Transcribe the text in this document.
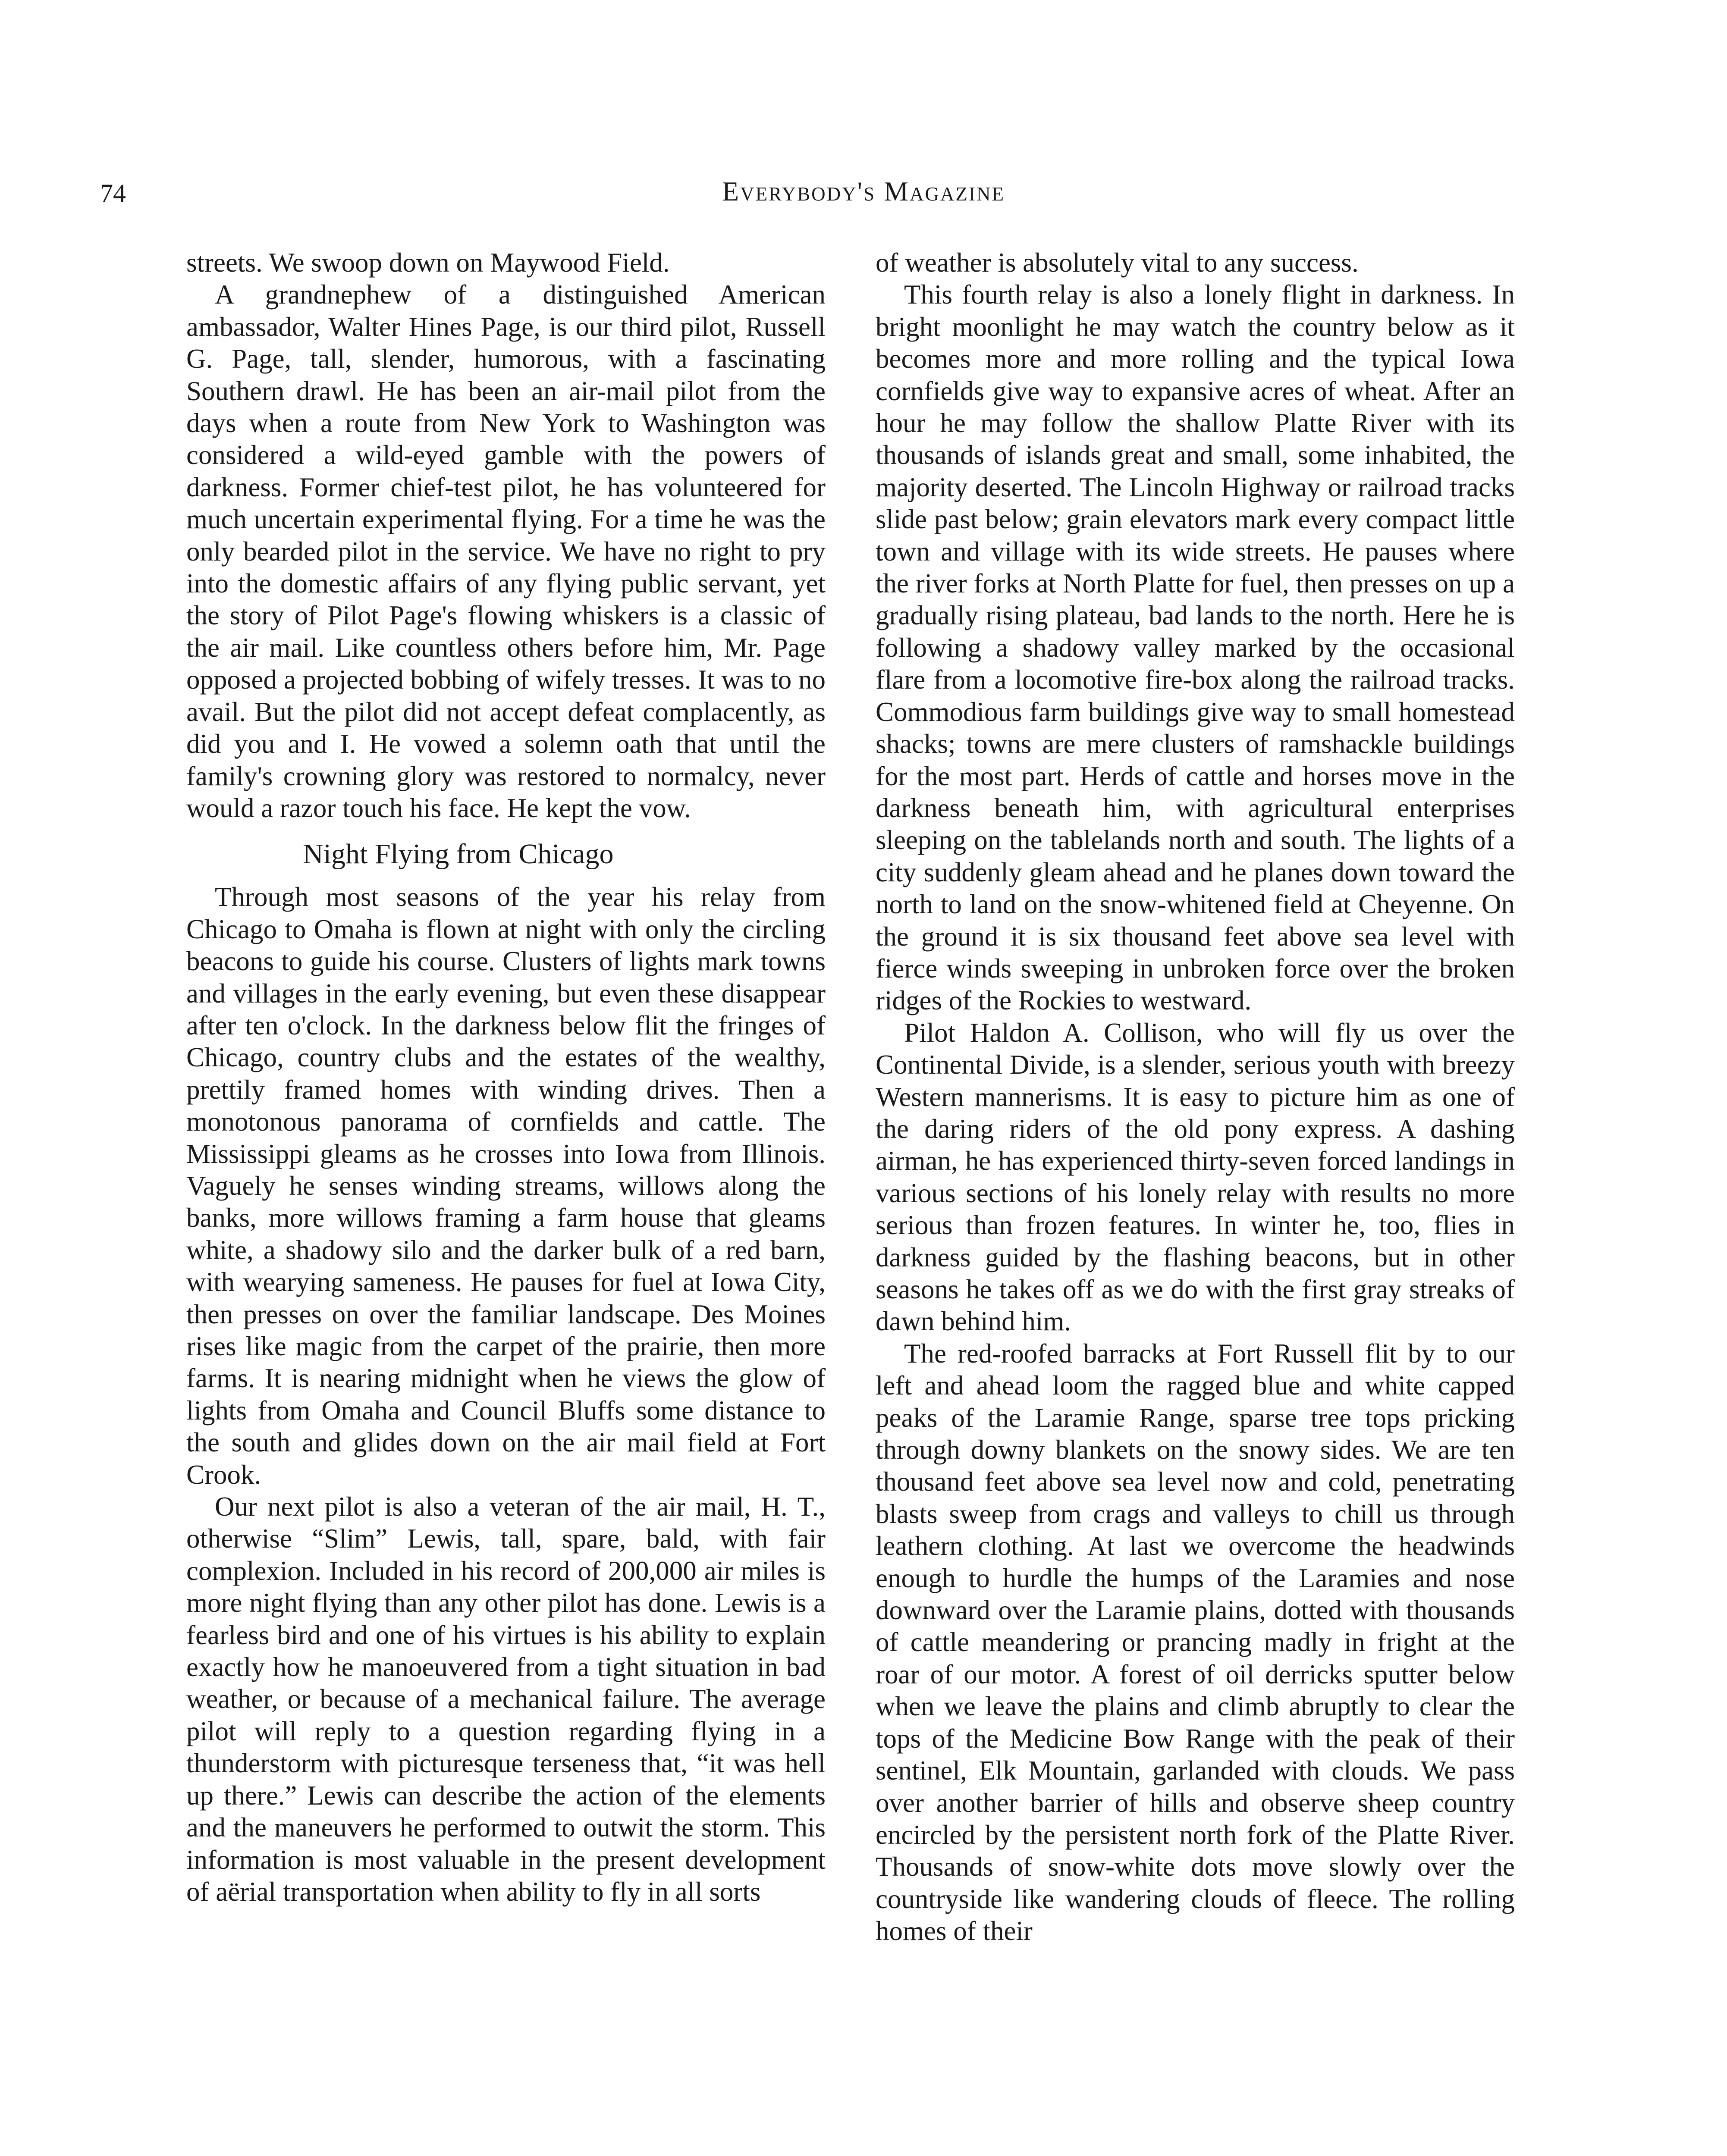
74	Everybody's Magazine

streets. We swoop down on Maywood Field.

A grandnephew of a distinguished American ambassador, Walter Hines Page, is our third pilot, Russell G. Page, tall, slender, humorous, with a fascinating Southern drawl. He has been an air-mail pilot from the days when a route from New York to Washington was considered a wild-eyed gamble with the powers of darkness. Former chief-test pilot, he has volunteered for much uncertain experimental flying. For a time he was the only bearded pilot in the service. We have no right to pry into the domestic affairs of any flying public servant, yet the story of Pilot Page's flowing whiskers is a classic of the air mail. Like countless others before him, Mr. Page opposed a projected bobbing of wifely tresses. It was to no avail. But the pilot did not accept defeat complacently, as did you and I. He vowed a solemn oath that until the family's crowning glory was restored to normalcy, never would a razor touch his face. He kept the vow.

Night Flying from Chicago

Through most seasons of the year his relay from Chicago to Omaha is flown at night with only the circling beacons to guide his course. Clusters of lights mark towns and villages in the early evening, but even these disappear after ten o'clock. In the darkness below flit the fringes of Chicago, country clubs and the estates of the wealthy, prettily framed homes with winding drives. Then a monotonous panorama of cornfields and cattle. The Mississippi gleams as he crosses into Iowa from Illinois. Vaguely he senses winding streams, willows along the banks, more willows framing a farm house that gleams white, a shadowy silo and the darker bulk of a red barn, with wearying sameness. He pauses for fuel at Iowa City, then presses on over the familiar landscape. Des Moines rises like magic from the carpet of the prairie, then more farms. It is nearing midnight when he views the glow of lights from Omaha and Council Bluffs some distance to the south and glides down on the air mail field at Fort Crook.

Our next pilot is also a veteran of the air mail, H. T., otherwise “Slim” Lewis, tall, spare, bald, with fair complexion. Included in his record of 200,000 air miles is more night flying than any other pilot has done. Lewis is a fearless bird and one of his virtues is his ability to explain exactly how he manoeuvered from a tight situation in bad weather, or because of a mechanical failure. The average pilot will reply to a question regarding flying in a thunderstorm with picturesque terseness that, “it was hell up there.” Lewis can describe the action of the elements and the maneuvers he performed to outwit the storm. This information is most valuable in the present development of aërial transportation when ability to fly in all sorts

of weather is absolutely vital to any success.

This fourth relay is also a lonely flight in darkness. In bright moonlight he may watch the country below as it becomes more and more rolling and the typical Iowa cornfields give way to expansive acres of wheat. After an hour he may follow the shallow Platte River with its thousands of islands great and small, some inhabited, the majority deserted. The Lincoln Highway or railroad tracks slide past below; grain elevators mark every compact little town and village with its wide streets. He pauses where the river forks at North Platte for fuel, then presses on up a gradually rising plateau, bad lands to the north. Here he is following a shadowy valley marked by the occasional flare from a locomotive fire-box along the railroad tracks. Commodious farm buildings give way to small homestead shacks; towns are mere clusters of ramshackle buildings for the most part. Herds of cattle and horses move in the darkness beneath him, with agricultural enterprises sleeping on the tablelands north and south. The lights of a city suddenly gleam ahead and he planes down toward the north to land on the snow-whitened field at Cheyenne. On the ground it is six thousand feet above sea level with fierce winds sweeping in unbroken force over the broken ridges of the Rockies to westward.

Pilot Haldon A. Collison, who will fly us over the Continental Divide, is a slender, serious youth with breezy Western mannerisms. It is easy to picture him as one of the daring riders of the old pony express. A dashing airman, he has experienced thirty-seven forced landings in various sections of his lonely relay with results no more serious than frozen features. In winter he, too, flies in darkness guided by the flashing beacons, but in other seasons he takes off as we do with the first gray streaks of dawn behind him.

The red-roofed barracks at Fort Russell flit by to our left and ahead loom the ragged blue and white capped peaks of the Laramie Range, sparse tree tops pricking through downy blankets on the snowy sides. We are ten thousand feet above sea level now and cold, penetrating blasts sweep from crags and valleys to chill us through leathern clothing. At last we overcome the headwinds enough to hurdle the humps of the Laramies and nose downward over the Laramie plains, dotted with thousands of cattle meandering or prancing madly in fright at the roar of our motor. A forest of oil derricks sputter below when we leave the plains and climb abruptly to clear the tops of the Medicine Bow Range with the peak of their sentinel, Elk Mountain, garlanded with clouds. We pass over another barrier of hills and observe sheep country encircled by the persistent north fork of the Platte River. Thousands of snow-white dots move slowly over the countryside like wandering clouds of fleece. The rolling homes of their
